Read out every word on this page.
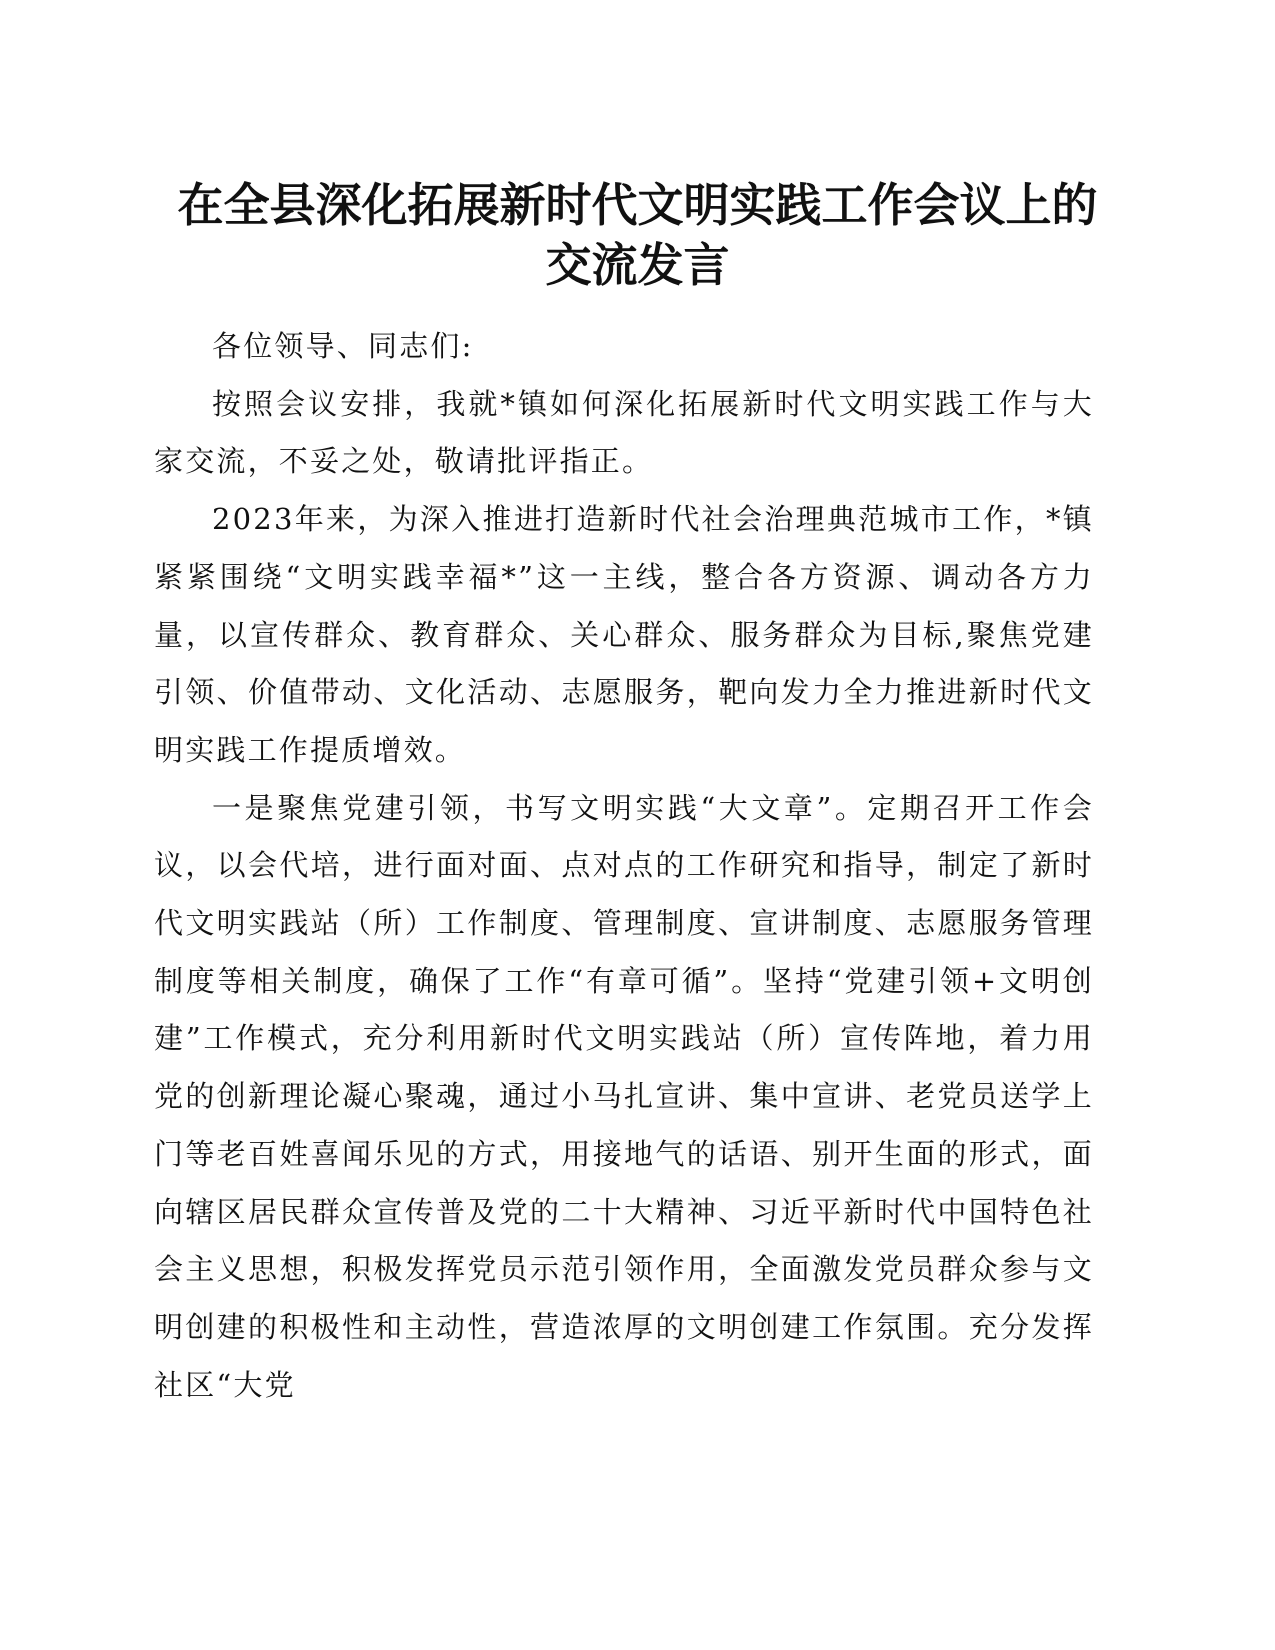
在全县深化拓展新时代文明实践工作会议上的
交流发言

各位领导、同志们:

按照会议安排，我就*镇如何深化拓展新时代文明实践工作与大家交流，不妥之处，敬请批评指正。

2023年来，为深入推进打造新时代社会治理典范城市工作，*镇紧紧围绕“文明实践幸福*”这一主线，整合各方资源、调动各方力量，以宣传群众、教育群众、关心群众、服务群众为目标,聚焦党建引领、价值带动、文化活动、志愿服务，靶向发力全力推进新时代文明实践工作提质增效。

一是聚焦党建引领，书写文明实践“大文章”。定期召开工作会议，以会代培，进行面对面、点对点的工作研究和指导，制定了新时代文明实践站（所）工作制度、管理制度、宣讲制度、志愿服务管理制度等相关制度，确保了工作“有章可循”。坚持“党建引领+文明创建”工作模式，充分利用新时代文明实践站（所）宣传阵地，着力用党的创新理论凝心聚魂，通过小马扎宣讲、集中宣讲、老党员送学上门等老百姓喜闻乐见的方式，用接地气的话语、别开生面的形式，面向辖区居民群众宣传普及党的二十大精神、习近平新时代中国特色社会主义思想，积极发挥党员示范引领作用，全面激发党员群众参与文明创建的积极性和主动性，营造浓厚的文明创建工作氛围。充分发挥社区“大党
